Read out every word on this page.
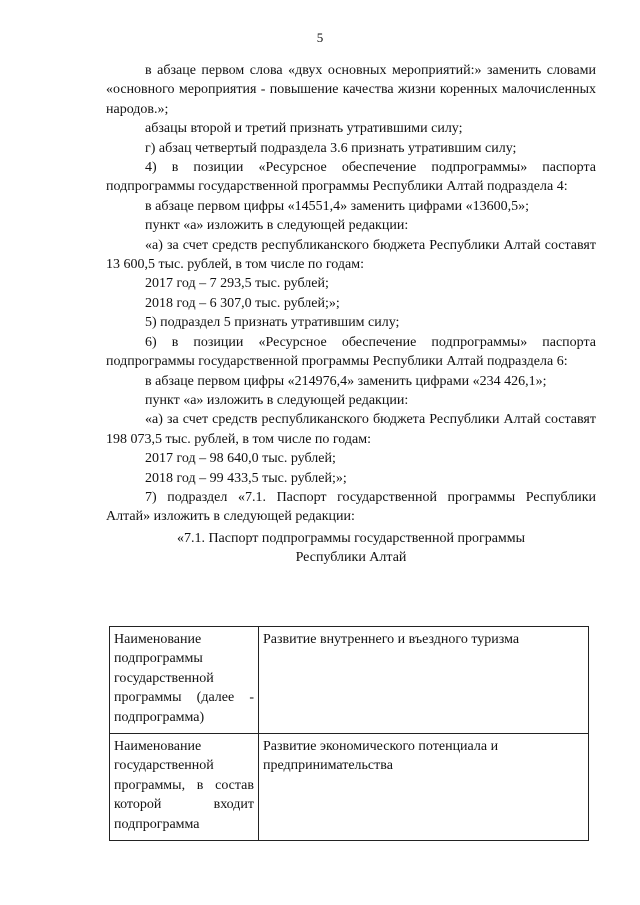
5

в абзаце первом слова «двух основных мероприятий:» заменить словами «основного мероприятия - повышение качества жизни коренных малочисленных народов.»;

абзацы второй и третий признать утратившими силу;

г) абзац четвертый подраздела 3.6 признать утратившим силу;

4) в позиции «Ресурсное обеспечение подпрограммы» паспорта подпрограммы государственной программы Республики Алтай подраздела 4:

в абзаце первом цифры «14551,4» заменить цифрами «13600,5»;

пункт «а» изложить в следующей редакции:

«а) за счет средств республиканского бюджета Республики Алтай составят 13 600,5 тыс. рублей, в том числе по годам:

2017 год – 7 293,5 тыс. рублей;

2018 год – 6 307,0 тыс. рублей;»;

5) подраздел 5 признать утратившим силу;

6) в позиции «Ресурсное обеспечение подпрограммы» паспорта подпрограммы государственной программы Республики Алтай подраздела 6:

в абзаце первом цифры «214976,4» заменить цифрами «234 426,1»;

пункт «а» изложить в следующей редакции:

«а) за счет средств республиканского бюджета Республики Алтай составят 198 073,5 тыс. рублей, в том числе по годам:

2017 год – 98 640,0 тыс. рублей;

2018 год – 99 433,5 тыс. рублей;»;

7) подраздел «7.1. Паспорт государственной программы Республики Алтай» изложить в следующей редакции:

«7.1. Паспорт подпрограммы государственной программы
Республики Алтай
Наименование подпрограммы государственной программы (далее - подпрограмма)	Развитие внутреннего и въездного туризма
Наименование государственной программы, в состав которой входит подпрограмма	Развитие экономического потенциала и предпринимательства
